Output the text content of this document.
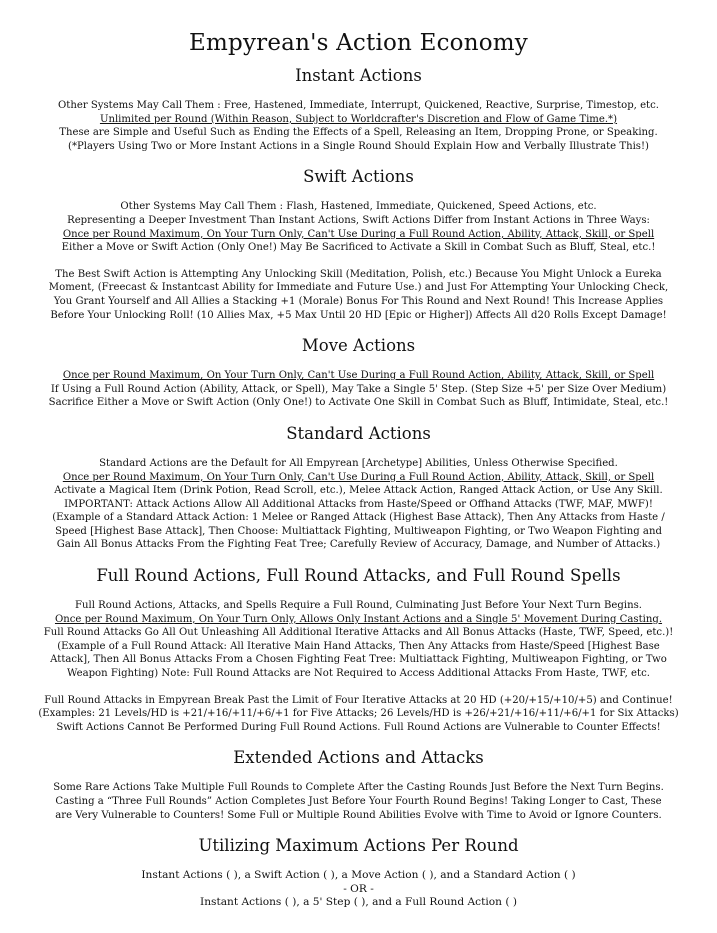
Empyrean's Action Economy
Instant Actions

Other Systems May Call Them : Free, Hastened, Immediate, Interrupt, Quickened, Reactive, Surprise, Timestop, etc.

Unlimited per Round (Within Reason, Subject to Worldcrafter's Discretion and Flow of Game Time.*)

These are Simple and Useful Such as Ending the Effects of a Spell, Releasing an Item, Dropping Prone, or Speaking.

(*Players Using Two or More Instant Actions in a Single Round Should Explain How and Verbally Illustrate This!)

Swift Actions

Other Systems May Call Them : Flash, Hastened, Immediate, Quickened, Speed Actions, etc.

Representing a Deeper Investment Than Instant Actions, Swift Actions Differ from Instant Actions in Three Ways:

Once per Round Maximum, On Your Turn Only, Can't Use During a Full Round Action, Ability, Attack, Skill, or Spell

Either a Move or Swift Action (Only One!) May Be Sacrificed to Activate a Skill in Combat Such as Bluff, Steal, etc.!

The Best Swift Action is Attempting Any Unlocking Skill (Meditation, Polish, etc.) Because You Might Unlock a Eureka

Moment, (Freecast & Instantcast Ability for Immediate and Future Use.) and Just For Attempting Your Unlocking Check,

You Grant Yourself and All Allies a Stacking +1 (Morale) Bonus For This Round and Next Round! This Increase Applies

Before Your Unlocking Roll! (10 Allies Max, +5 Max Until 20 HD [Epic or Higher]) Affects All d20 Rolls Except Damage!

Move Actions

Once per Round Maximum, On Your Turn Only, Can't Use During a Full Round Action, Ability, Attack, Skill, or Spell

If Using a Full Round Action (Ability, Attack, or Spell), May Take a Single 5' Step. (Step Size +5' per Size Over Medium)

Sacrifice Either a Move or Swift Action (Only One!) to Activate One Skill in Combat Such as Bluff, Intimidate, Steal, etc.!

Standard Actions

Standard Actions are the Default for All Empyrean [Archetype] Abilities, Unless Otherwise Specified.

Once per Round Maximum, On Your Turn Only, Can't Use During a Full Round Action, Ability, Attack, Skill, or Spell

Activate a Magical Item (Drink Potion, Read Scroll, etc.), Melee Attack Action, Ranged Attack Action, or Use Any Skill.

IMPORTANT: Attack Actions Allow All Additional Attacks from Haste/Speed or Offhand Attacks (TWF, MAF, MWF)!

(Example of a Standard Attack Action: 1 Melee or Ranged Attack (Highest Base Attack), Then Any Attacks from Haste /

Speed [Highest Base Attack], Then Choose: Multiattack Fighting, Multiweapon Fighting, or Two Weapon Fighting and

Gain All Bonus Attacks From the Fighting Feat Tree; Carefully Review of Accuracy, Damage, and Number of Attacks.)

Full Round Actions, Full Round Attacks, and Full Round Spells

Full Round Actions, Attacks, and Spells Require a Full Round, Culminating Just Before Your Next Turn Begins.

Once per Round Maximum, On Your Turn Only, Allows Only Instant Actions and a Single 5' Movement During Casting.

Full Round Attacks Go All Out Unleashing All Additional Iterative Attacks and All Bonus Attacks (Haste, TWF, Speed, etc.)!

(Example of a Full Round Attack: All Iterative Main Hand Attacks, Then Any Attacks from Haste/Speed [Highest Base

Attack], Then All Bonus Attacks From a Chosen Fighting Feat Tree: Multiattack Fighting, Multiweapon Fighting, or Two

Weapon Fighting) Note: Full Round Attacks are Not Required to Access Additional Attacks From Haste, TWF, etc.

Full Round Attacks in Empyrean Break Past the Limit of Four Iterative Attacks at 20 HD (+20/+15/+10/+5) and Continue!

(Examples: 21 Levels/HD is +21/+16/+11/+6/+1 for Five Attacks; 26 Levels/HD is +26/+21/+16/+11/+6/+1 for Six Attacks)

Swift Actions Cannot Be Performed During Full Round Actions. Full Round Actions are Vulnerable to Counter Effects!

Extended Actions and Attacks

Some Rare Actions Take Multiple Full Rounds to Complete After the Casting Rounds Just Before the Next Turn Begins.

Casting a “Three Full Rounds” Action Completes Just Before Your Fourth Round Begins! Taking Longer to Cast, These

are Very Vulnerable to Counters! Some Full or Multiple Round Abilities Evolve with Time to Avoid or Ignore Counters.

Utilizing Maximum Actions Per Round

Instant Actions ( ), a Swift Action ( ), a Move Action ( ), and a Standard Action ( )

- OR -

Instant Actions ( ), a 5' Step ( ), and a Full Round Action ( )
